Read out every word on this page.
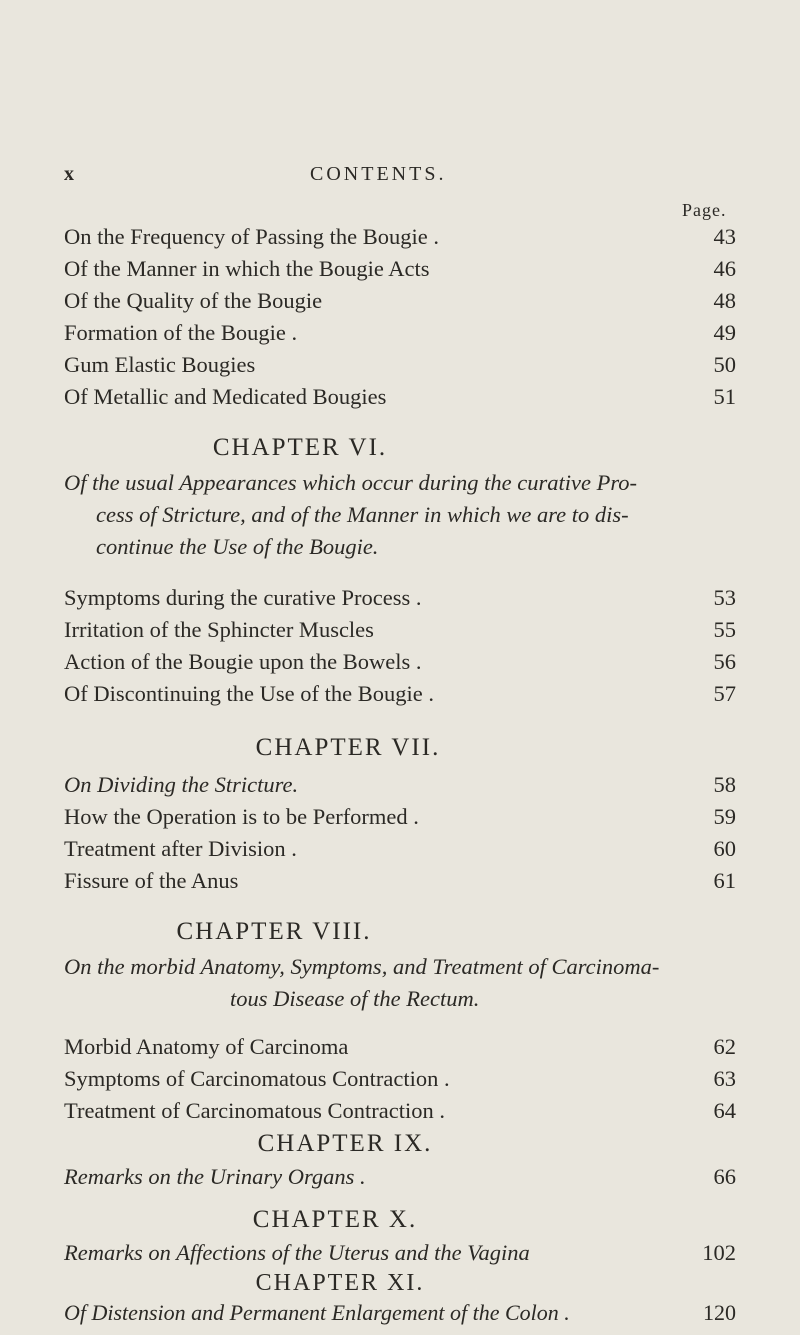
x	CONTENTS.
Page.
On the Frequency of Passing the Bougie .	43
Of the Manner in which the Bougie Acts	46
Of the Quality of the Bougie	48
Formation of the Bougie .	49
Gum Elastic Bougies	50
Of Metallic and Medicated Bougies	51
CHAPTER VI.
Of the usual Appearances which occur during the curative Pro-
cess of Stricture, and of the Manner in which we are to dis-
continue the Use of the Bougie.
Symptoms during the curative Process .	53
Irritation of the Sphincter Muscles	55
Action of the Bougie upon the Bowels .	56
Of Discontinuing the Use of the Bougie .	57
CHAPTER VII.
On Dividing the Stricture.	58
How the Operation is to be Performed .	59
Treatment after Division .	60
Fissure of the Anus	61
CHAPTER VIII.
On the morbid Anatomy, Symptoms, and Treatment of Carcinoma-
tous Disease of the Rectum.
Morbid Anatomy of Carcinoma	62
Symptoms of Carcinomatous Contraction .	63
Treatment of Carcinomatous Contraction .	64
CHAPTER IX.
Remarks on the Urinary Organs .	66
CHAPTER X.
Remarks on Affections of the Uterus and the Vagina	102
CHAPTER XI.
Of Distension and Permanent Enlargement of the Colon .	120
